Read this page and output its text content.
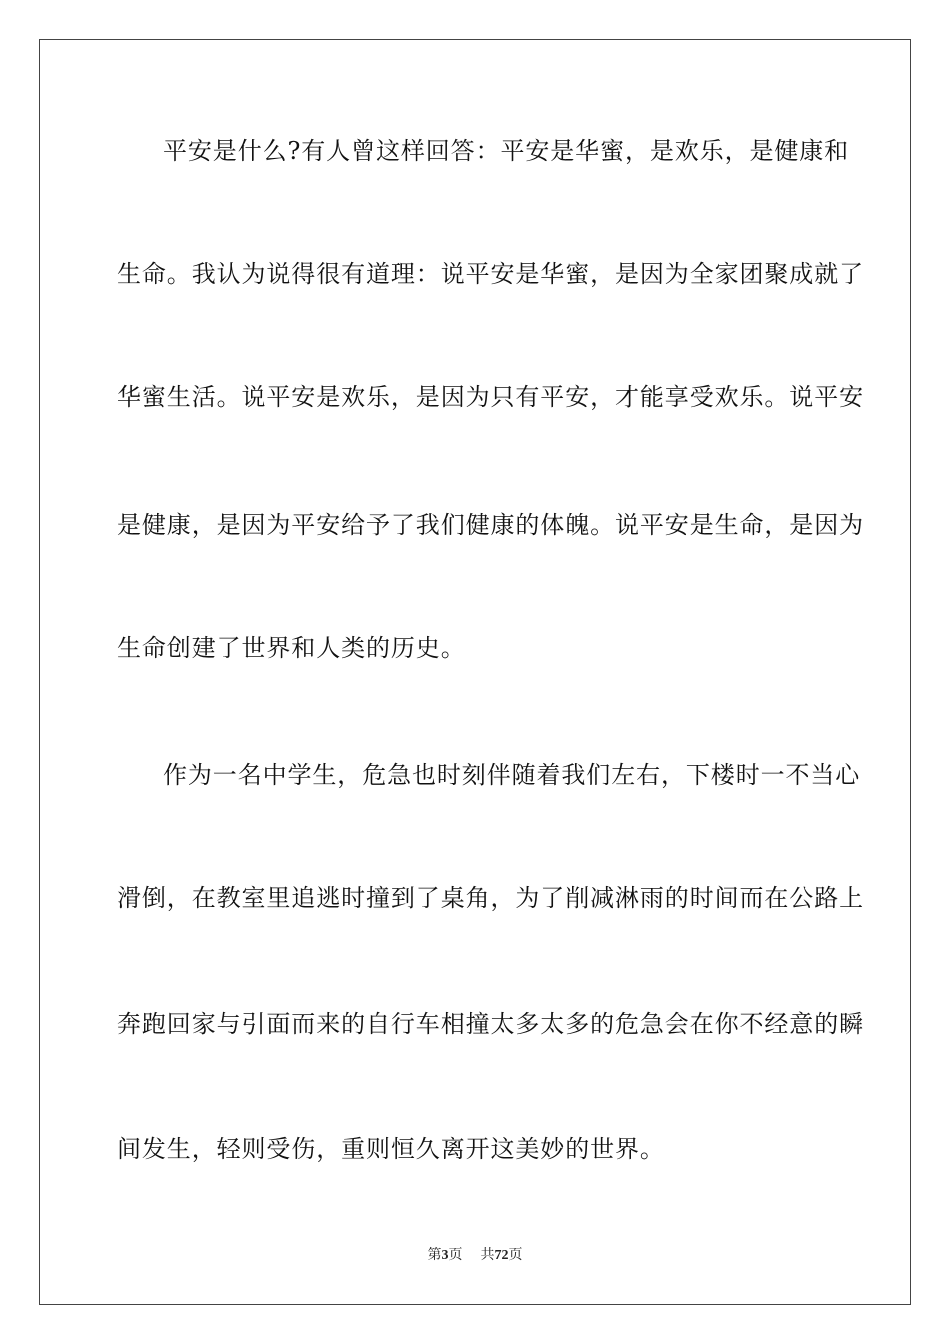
平安是什么?有人曾这样回答：平安是华蜜，是欢乐，是健康和
生命。我认为说得很有道理：说平安是华蜜，是因为全家团聚成就了
华蜜生活。说平安是欢乐，是因为只有平安，才能享受欢乐。说平安
是健康，是因为平安给予了我们健康的体魄。说平安是生命，是因为
生命创建了世界和人类的历史。
作为一名中学生，危急也时刻伴随着我们左右，下楼时一不当心
滑倒，在教室里追逃时撞到了桌角，为了削减淋雨的时间而在公路上
奔跑回家与引面而来的自行车相撞太多太多的危急会在你不经意的瞬
间发生，轻则受伤，重则恒久离开这美妙的世界。
第3页 共72页
